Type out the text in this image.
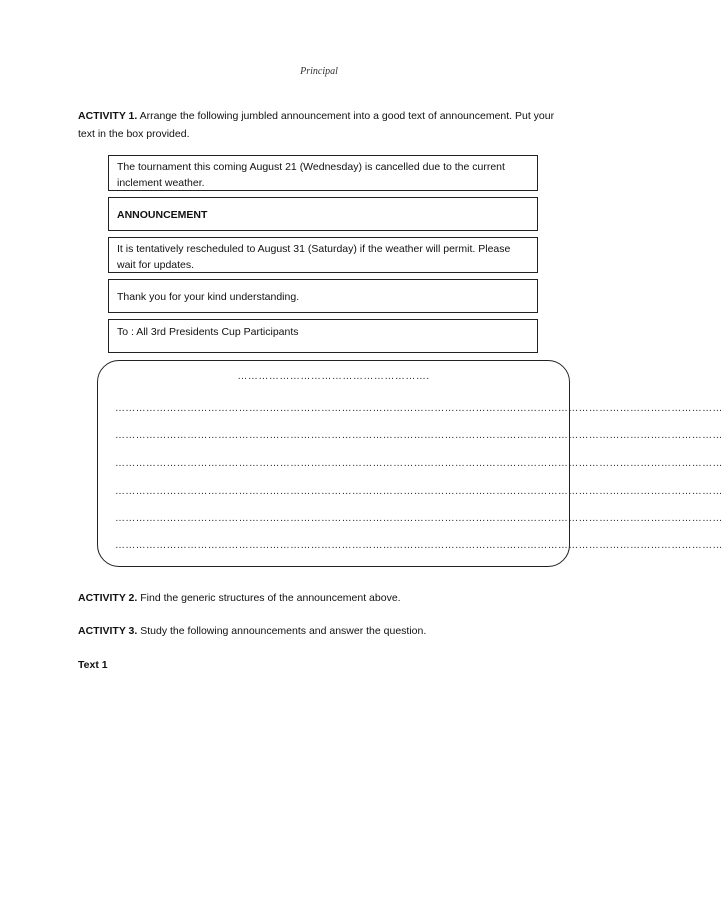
Principal
ACTIVITY 1. Arrange the following jumbled announcement into a good text of announcement. Put your
text in the box provided.
The tournament this coming August 21 (Wednesday) is cancelled due to the current
inclement weather.
ANNOUNCEMENT
It is tentatively rescheduled to August 31 (Saturday) if the weather will permit. Please
wait for updates.
Thank you for your kind understanding.
To : All 3rd Presidents Cup Participants
……………………………………………….
……………………………………………………………………………………………………………………………………………………………
……………………………………………………………………………………………………………………………………………………………
……………………………………………………………………………………………………………………………………………………………
……………………………………………………………………………………………………………………………………………………………
……………………………………………………………………………………………………………………………………………………………
……………………………………………………………………………………………………………………………………………………………
ACTIVITY 2. Find the generic structures of the announcement above.
ACTIVITY 3. Study the following announcements and answer the question.
Text 1
